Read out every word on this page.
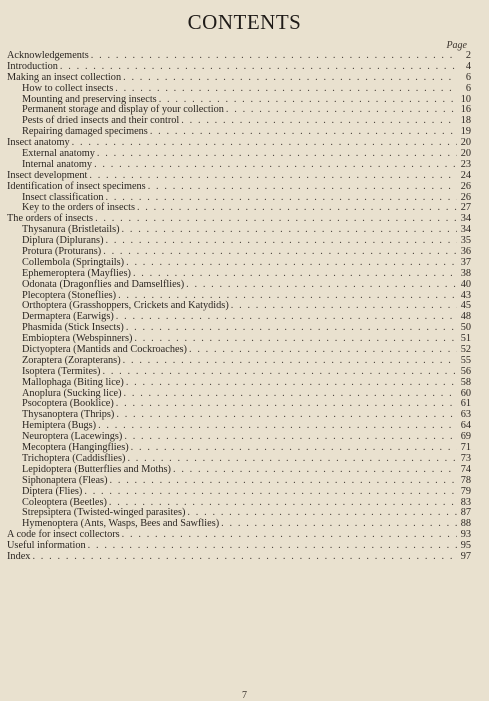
CONTENTS
Page
Acknowledgements . . .	2
Introduction . . .	4
Making an insect collection . . .	6
How to collect insects . . .	6
Mounting and preserving insects . . .	10
Permanent storage and display of your collection . . .	16
Pests of dried insects and their control . . .	18
Repairing damaged specimens . . .	19
Insect anatomy . . .	20
External anatomy . . .	20
Internal anatomy . . .	23
Insect development . . .	24
Identification of insect specimens . . .	26
Insect classification . . .	26
Key to the orders of insects . . .	27
The orders of insects . . .	34
Thysanura (Bristletails) . . .	34
Diplura (Diplurans) . . .	35
Protura (Proturans) . . .	36
Collembola (Springtails) . . .	37
Ephemeroptera (Mayflies) . . .	38
Odonata (Dragonflies and Damselflies) . . .	40
Plecoptera (Stoneflies) . . .	43
Orthoptera (Grasshoppers, Crickets and Katydids) . . .	45
Dermaptera (Earwigs) . . .	48
Phasmida (Stick Insects) . . .	50
Embioptera (Webspinners) . . .	51
Dictyoptera (Mantids and Cockroaches) . . .	52
Zoraptera (Zorapterans) . . .	55
Isoptera (Termites) . . .	56
Mallophaga (Biting lice) . . .	58
Anoplura (Sucking lice) . . .	60
Psocoptera (Booklice) . . .	61
Thysanoptera (Thrips) . . .	63
Hemiptera (Bugs) . . .	64
Neuroptera (Lacewings) . . .	69
Mecoptera (Hangingflies) . . .	71
Trichoptera (Caddisflies) . . .	73
Lepidoptera (Butterflies and Moths) . . .	74
Siphonaptera (Fleas) . . .	78
Diptera (Flies) . . .	79
Coleoptera (Beetles) . . .	83
Strepsiptera (Twisted-winged parasites) . . .	87
Hymenoptera (Ants, Wasps, Bees and Sawflies) . . .	88
A code for insect collectors . . .	93
Useful information . . .	95
Index . . .	97
7
